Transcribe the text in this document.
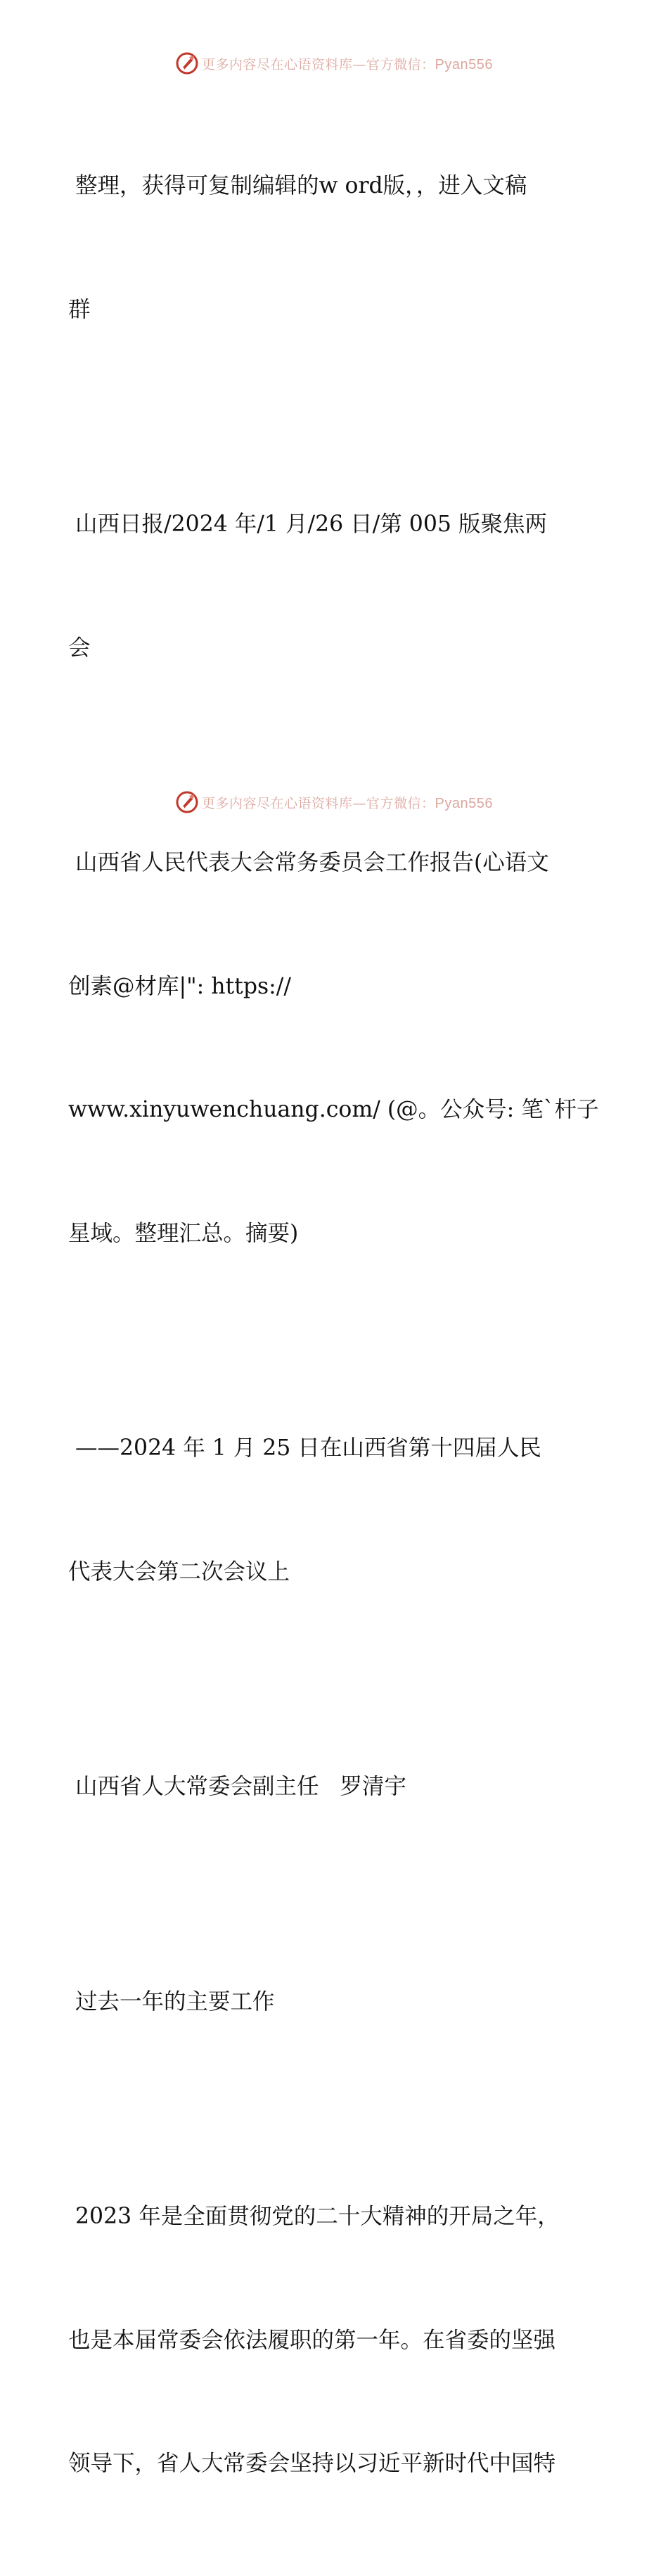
更多内容尽在心语资料库—官方微信：Pyan556

整理，获得可复制编辑的w ord版，，进入文稿

群

山西日报/2024 年/1 月/26 日/第 005 版聚焦两

会

山西省人民代表大会常务委员会工作报告(心语文

创素@材库|": https://

www.xinyuwenchuang.com/ (@。公众号: 笔`杆子

星域。整理汇总。摘要)

——2024 年 1 月 25 日在山西省第十四届人民

代表大会第二次会议上

山西省人大常委会副主任   罗清宇

过去一年的主要工作

2023 年是全面贯彻党的二十大精神的开局之年，

也是本届常委会依法履职的第一年。在省委的坚强

领导下，省人大常委会坚持以习近平新时代中国特

更多内容尽在心语资料库—官方微信：Pyan556
